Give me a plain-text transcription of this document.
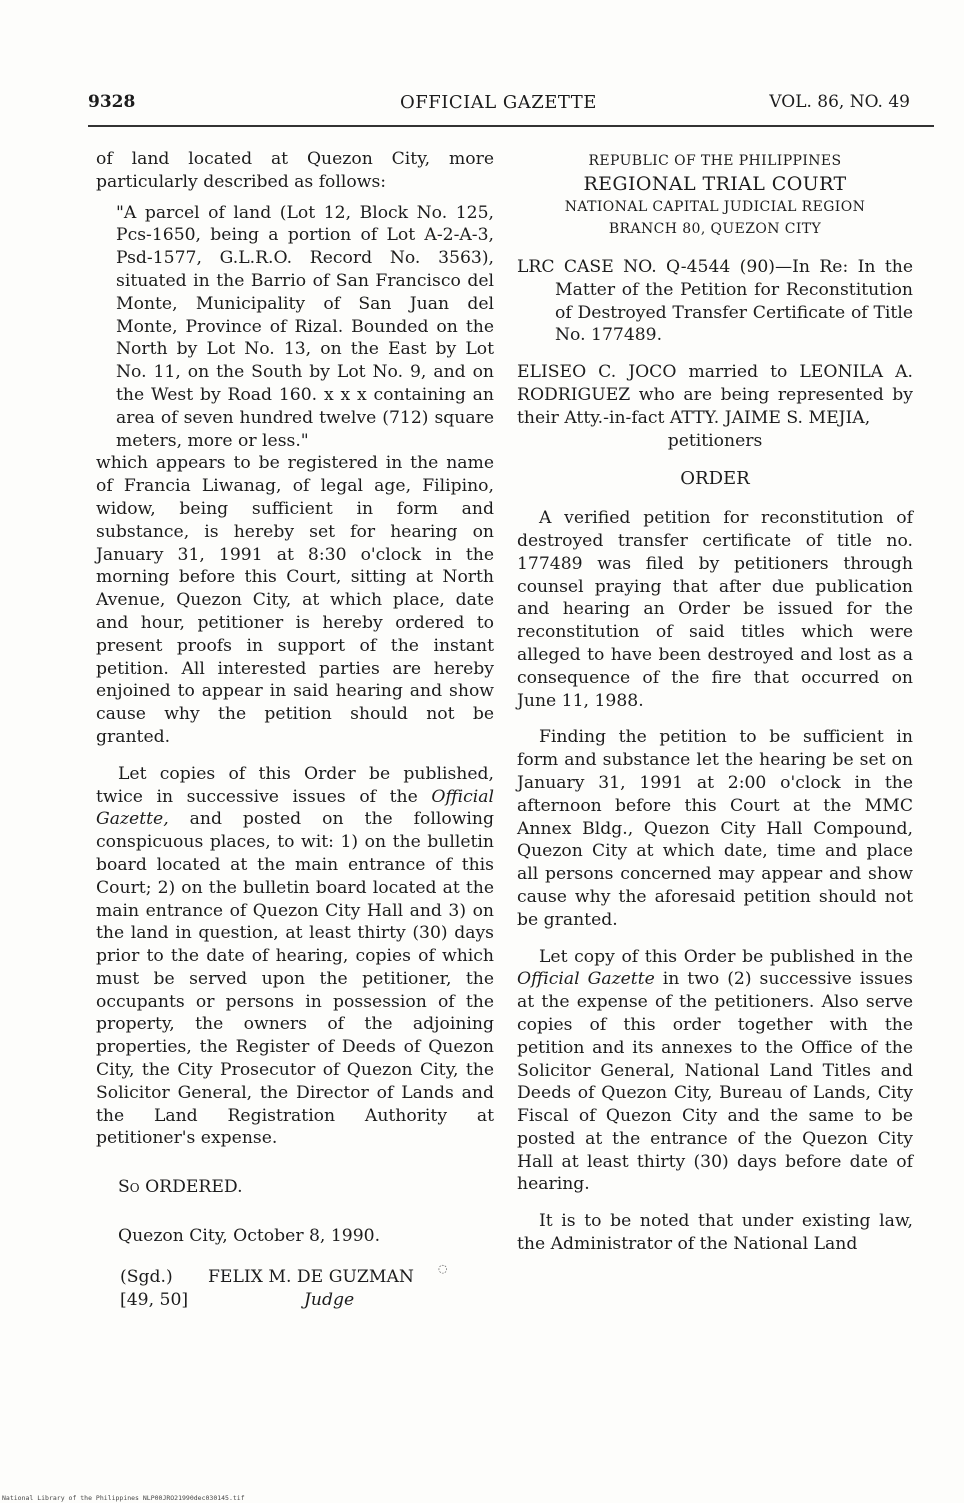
9328	OFFICIAL GAZETTE	VOL. 86, NO. 49

of land located at Quezon City, more particularly described as follows:

"A parcel of land (Lot 12, Block No. 125, Pcs-1650, being a portion of Lot A-2-A-3, Psd-1577, G.L.R.O. Record No. 3563), situated in the Barrio of San Francisco del Monte, Municipality of San Juan del Monte, Province of Rizal. Bounded on the North by Lot No. 13, on the East by Lot No. 11, on the South by Lot No. 9, and on the West by Road 160. x x x containing an area of seven hundred twelve (712) square meters, more or less."

which appears to be registered in the name of Francia Liwanag, of legal age, Filipino, widow, being sufficient in form and substance, is hereby set for hearing on January 31, 1991 at 8:30 o'clock in the morning before this Court, sitting at North Avenue, Quezon City, at which place, date and hour, petitioner is hereby ordered to present proofs in support of the instant petition. All interested parties are hereby enjoined to appear in said hearing and show cause why the petition should not be granted.

Let copies of this Order be published, twice in successive issues of the Official Gazette, and posted on the following conspicuous places, to wit: 1) on the bulletin board located at the main entrance of this Court; 2) on the bulletin board located at the main entrance of Quezon City Hall and 3) on the land in question, at least thirty (30) days prior to the date of hearing, copies of which must be served upon the petitioner, the occupants or persons in possession of the property, the owners of the adjoining properties, the Register of Deeds of Quezon City, the City Prosecutor of Quezon City, the Solicitor General, the Director of Lands and the Land Registration Authority at petitioner's expense.

So ORDERED.

Quezon City, October 8, 1990.

(Sgd.) FELIX M. DE GUZMAN
[49, 50]	Judge

REPUBLIC OF THE PHILIPPINES

REGIONAL TRIAL COURT

NATIONAL CAPITAL JUDICIAL REGION

BRANCH 80, QUEZON CITY

LRC CASE NO. Q-4544 (90)—In Re: In the Matter of the Petition for Reconstitution of Destroyed Transfer Certificate of Title No. 177489.

ELISEO C. JOCO married to LEONILA A. RODRIGUEZ who are being represented by their Atty.-in-fact ATTY. JAIME S. MEJIA,

petitioners

ORDER

A verified petition for reconstitution of destroyed transfer certificate of title no. 177489 was filed by petitioners through counsel praying that after due publication and hearing an Order be issued for the reconstitution of said titles which were alleged to have been destroyed and lost as a consequence of the fire that occurred on June 11, 1988.

Finding the petition to be sufficient in form and substance let the hearing be set on January 31, 1991 at 2:00 o'clock in the afternoon before this Court at the MMC Annex Bldg., Quezon City Hall Compound, Quezon City at which date, time and place all persons concerned may appear and show cause why the aforesaid petition should not be granted.

Let copy of this Order be published in the Official Gazette in two (2) successive issues at the expense of the petitioners. Also serve copies of this order together with the petition and its annexes to the Office of the Solicitor General, National Land Titles and Deeds of Quezon City, Bureau of Lands, City Fiscal of Quezon City and the same to be posted at the entrance of the Quezon City Hall at least thirty (30) days before date of hearing.

It is to be noted that under existing law, the Administrator of the National Land

◌
National Library of the Philippines NLP00JRO21990dec030145.tif
